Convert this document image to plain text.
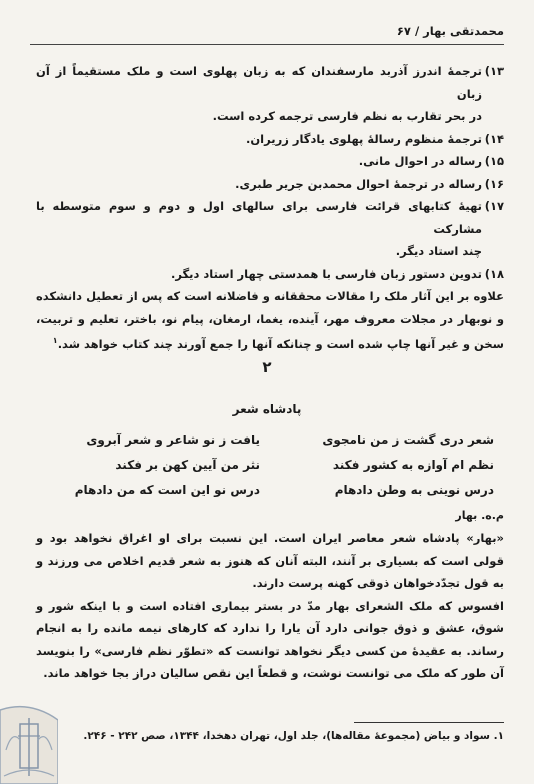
محمدتقی بهار / ۶۷
۱۳)
ترجمهٔ اندرز آذربد مارسفندان که به زبان پهلوی است و ملک مستقیماً از آن زبان
در بحر تقارب به نظم فارسی ترجمه کرده است.
۱۴)
ترجمهٔ منظوم رسالهٔ پهلوی یادگار زریران.
۱۵)
رساله در احوال مانی.
۱۶)
رساله در ترجمهٔ احوال محمدبن جریر طبری.
۱۷)
تهیهٔ کتابهای قرائت فارسی برای سالهای اول و دوم و سوم متوسطه با مشارکت
چند استاد دیگر.
۱۸)
تدوین دستور زبان فارسی با همدستی چهار استاد دیگر.

علاوه بر این آثار ملک را مقالات محققانه و فاضلانه است که پس از تعطیل دانشکده و نوبهار در مجلات معروف مهر، آینده، یغما، ارمغان، پیام نو، باختر، تعلیم و تربیت، سخن و غیر آنها چاپ شده است و چنانکه آنها را جمع آورند چند کتاب خواهد شد.$^۱$

۲
پادشاه شعر
شعر دری گشت ز من نامجوی
یافت ز نو شاعر و شعر آبروی
نظم ام آوازه به کشور فکند
نثر من آیین کهن بر فکند
درس نوینی به وطن دادهام
درس نو این است که من دادهام
م.ه. بهار

«بهار» پادشاه شعر معاصر ایران است. این نسبت برای او اغراق نخواهد بود و قولی است که بسیاری بر آنند، البته آنان که هنوز به شعر قدیم اخلاص می ورزند و به قول تجدّدخواهان ذوقی کهنه پرست دارند.

افسوس که ملک الشعرای بهار مدّ در بستر بیماری افتاده است و با اینکه شور و شوق، عشق و ذوق جوانی دارد آن یارا را ندارد که کارهای نیمه مانده را به انجام رساند. به عقیدهٔ من کسی دیگر نخواهد توانست که «تطوّر نظم فارسی» را بنویسد آن طور که ملک می توانست نوشت، و قطعاً این نقص سالیان دراز بجا خواهد ماند.

۱. سواد و بیاض (مجموعهٔ مقاله‌ها)، جلد اول، تهران دهخدا، ۱۳۴۴، صص ۲۴۲ - ۲۴۶.
